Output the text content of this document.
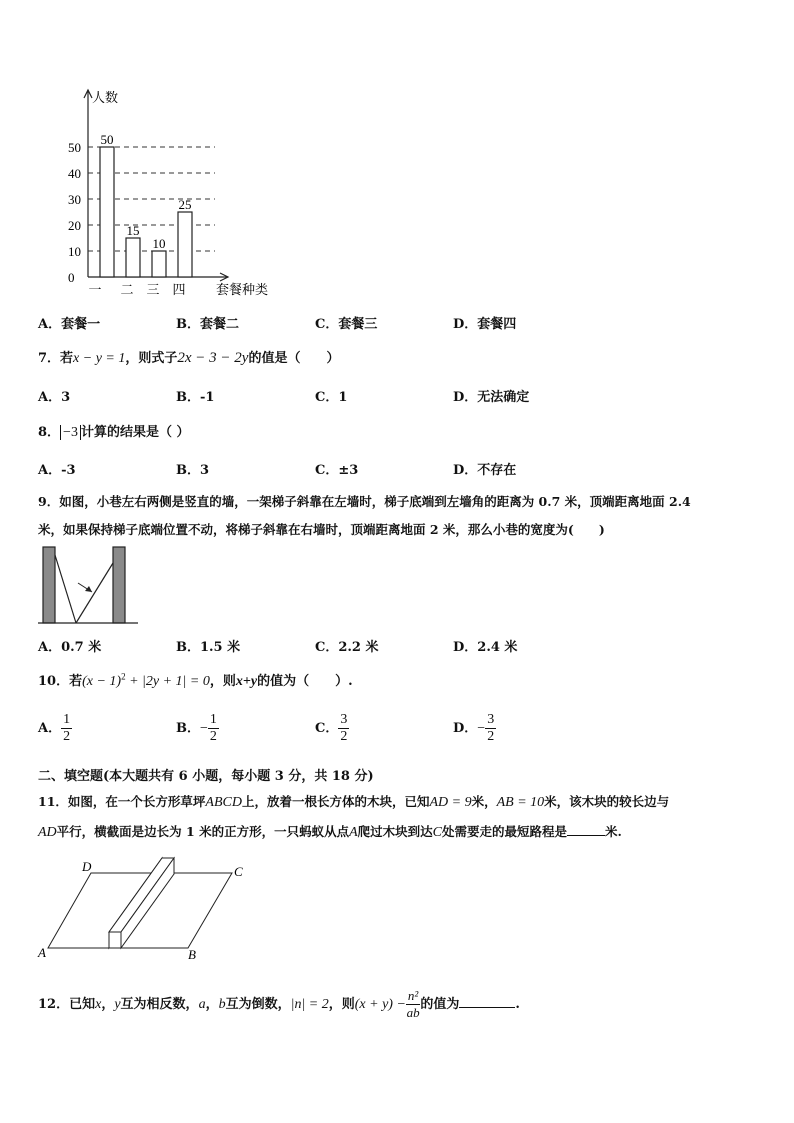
人数
套餐种类
0
10
20
30
40
50
50
一
15
二
10
三
25
四
A．套餐一	B．套餐二	C．套餐三	D．套餐四
7．若x − y = 1，则式子2x − 3 − 2y的值是（　　）
A．3	B．-1	C．1	D．无法确定
8． −3 计算的结果是（ ）
A．-3	B．3	C．±3	D．不存在
9．如图，小巷左右两侧是竖直的墙，一架梯子斜靠在左墙时，梯子底端到左墙角的距离为 0.7 米，顶端距离地面 2.4
米，如果保持梯子底端位置不动，将梯子斜靠在右墙时，顶端距离地面 2 米，那么小巷的宽度为(　　)
A．0.7 米	B．1.5 米	C．2.2 米	D．2.4 米
10．若$(x - 1)^2 + |2y + 1| = 0$，则x+y的值为（　　）.
A． $\frac{1}{2}$	B．− $\frac{1}{2}$	C． $\frac{3}{2}$	D．− $\frac{3}{2}$
二、填空题(本大题共有 6 小题，每小题 3 分，共 18 分)
11．如图，在一个长方形草坪ABCD上，放着一根长方体的木块，已知AD = 9米，AB = 10米，该木块的较长边与
AD平行，横截面是边长为 1 米的正方形，一只蚂蚁从点A爬过木块到达C处需要走的最短路程是	米.
A	B
C
D
12．已知x，y互为相反数，a，b互为倒数，|n| = 2，则$(x + y) - \frac{\text{n²}}{ab}$ 的值为	.
